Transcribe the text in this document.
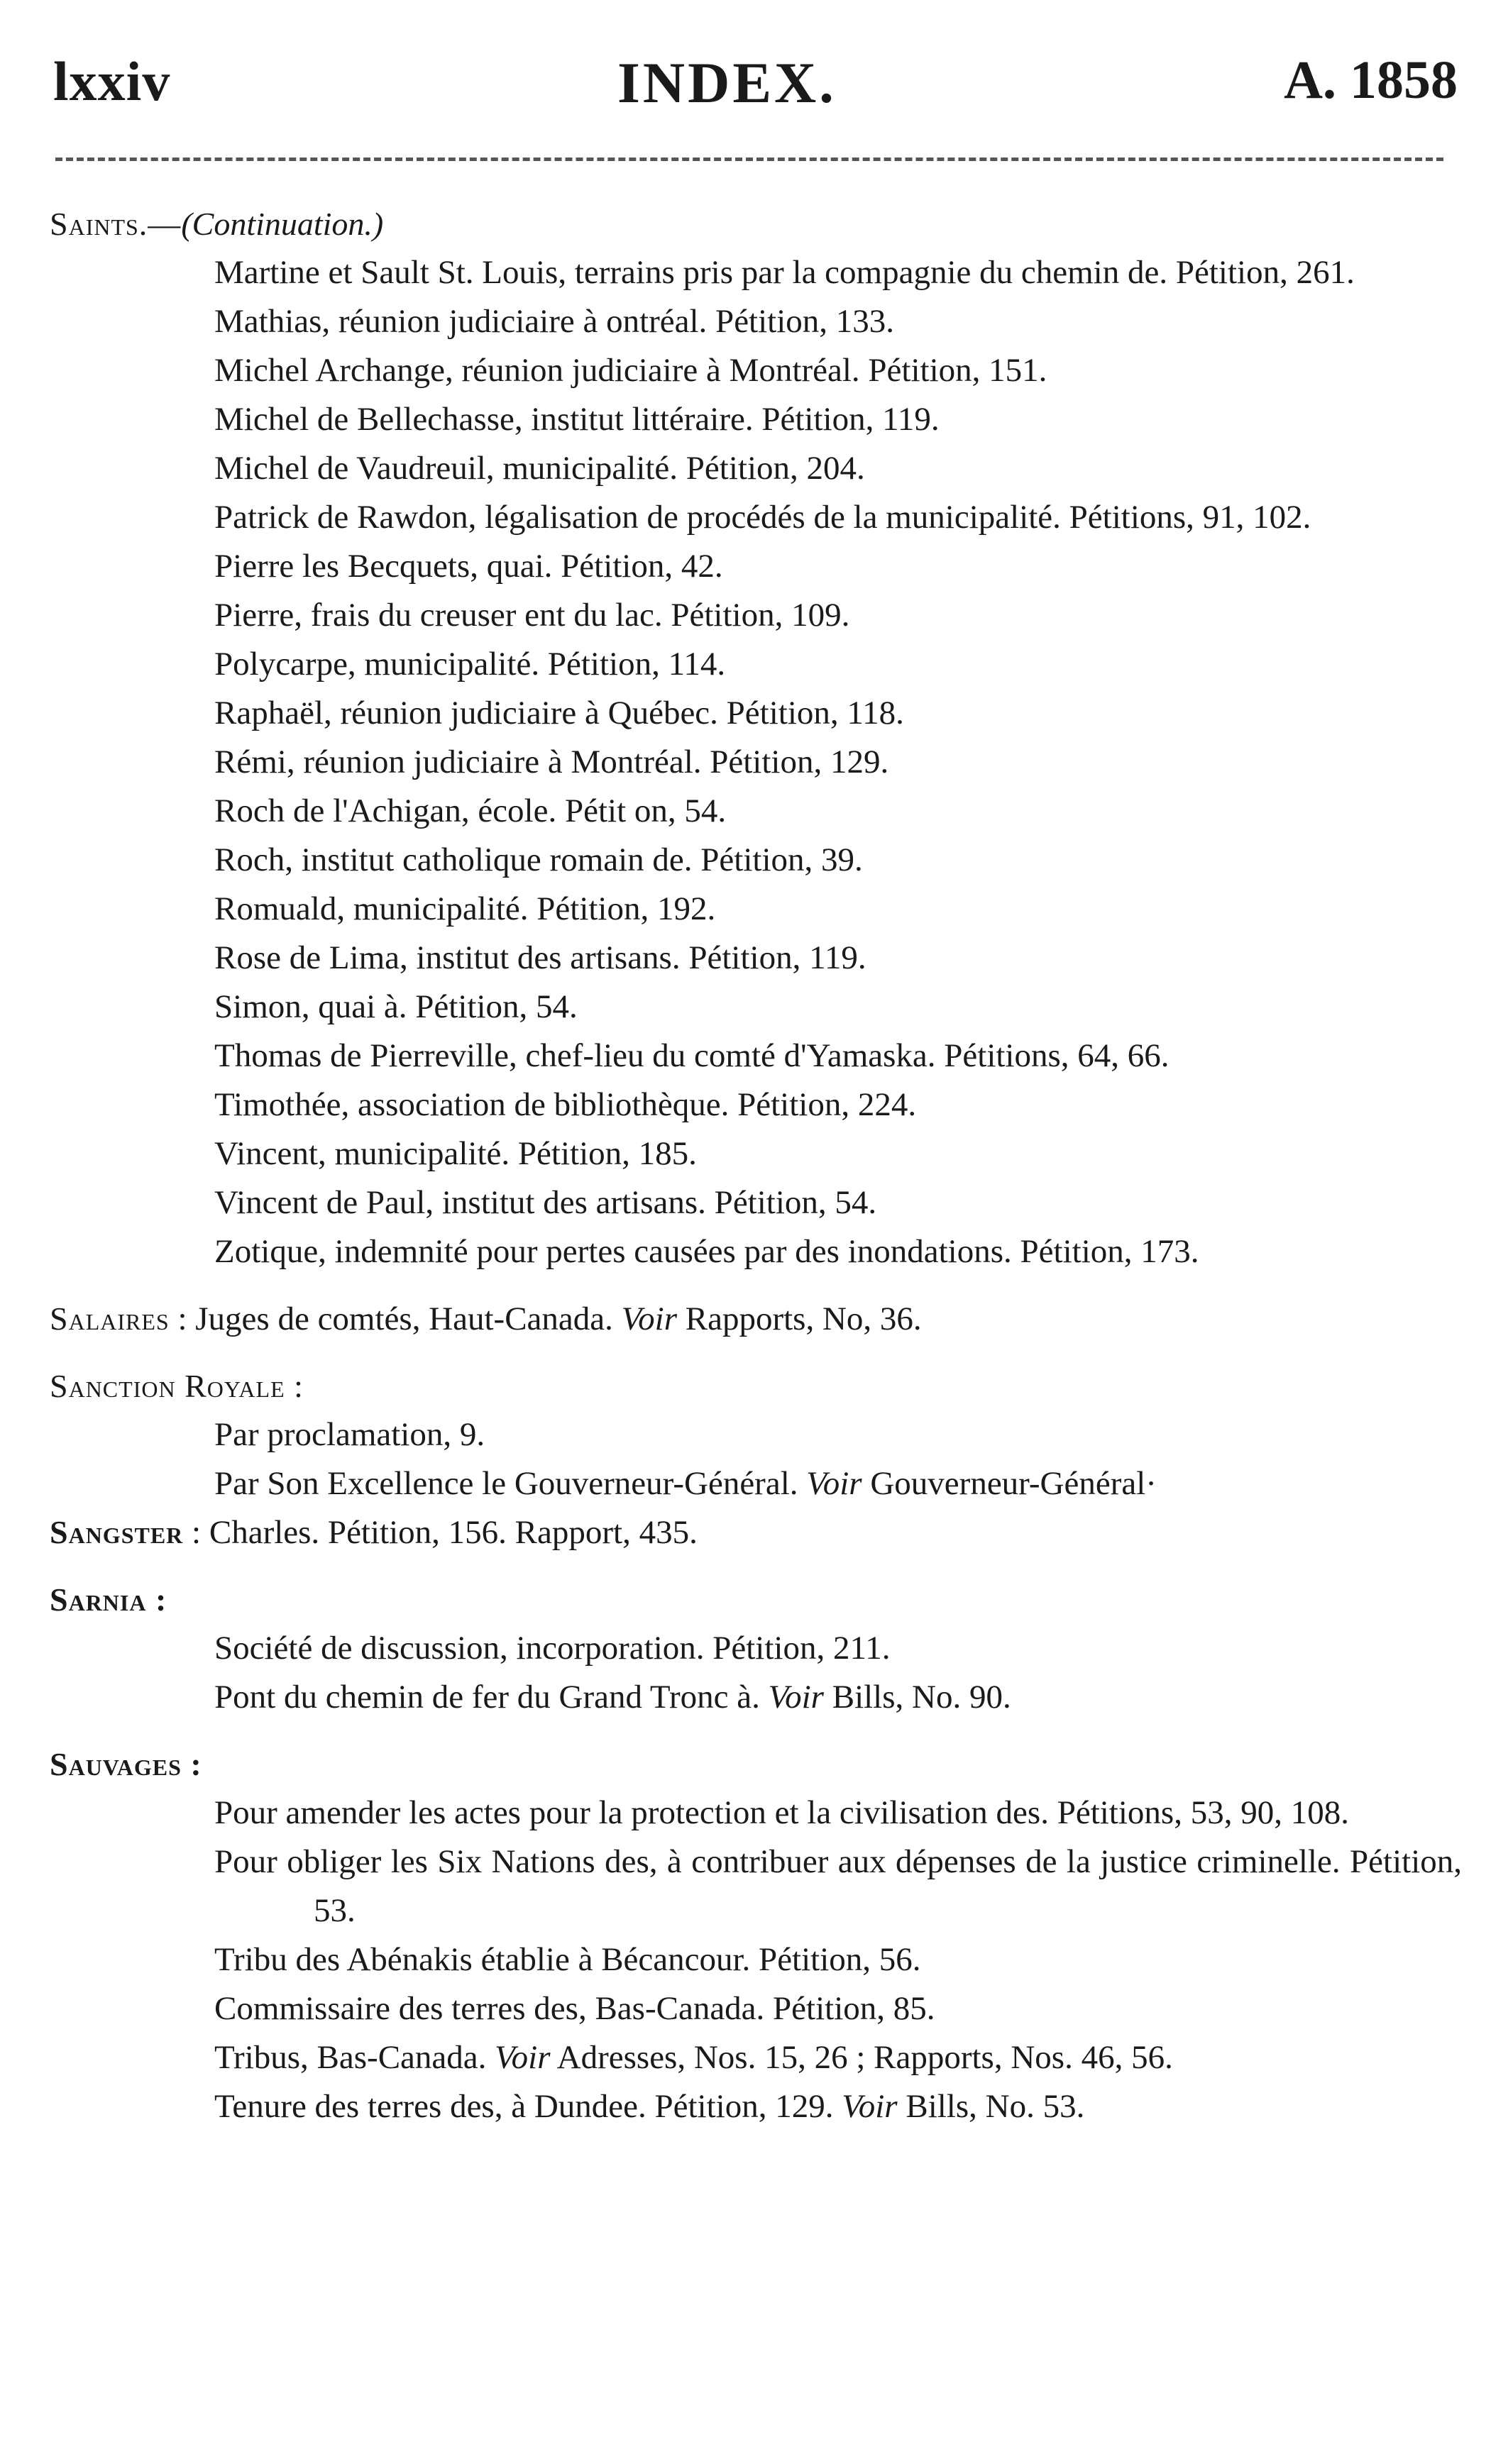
lxxiv	INDEX.	A. 1858
Saints.—(Continuation.)
Martine et Sault St. Louis, terrains pris par la compagnie du chemin de. Pétition, 261.
Mathias, réunion judiciaire à ontréal. Pétition, 133.
Michel Archange, réunion judiciaire à Montréal. Pétition, 151.
Michel de Bellechasse, institut littéraire. Pétition, 119.
Michel de Vaudreuil, municipalité. Pétition, 204.
Patrick de Rawdon, légalisation de procédés de la municipalité. Pétitions, 91, 102.
Pierre les Becquets, quai. Pétition, 42.
Pierre, frais du creuser ent du lac. Pétition, 109.
Polycarpe, municipalité. Pétition, 114.
Raphaël, réunion judiciaire à Québec. Pétition, 118.
Rémi, réunion judiciaire à Montréal. Pétition, 129.
Roch de l'Achigan, école. Pétit on, 54.
Roch, institut catholique romain de. Pétition, 39.
Romuald, municipalité. Pétition, 192.
Rose de Lima, institut des artisans. Pétition, 119.
Simon, quai à. Pétition, 54.
Thomas de Pierreville, chef-lieu du comté d'Yamaska. Pétitions, 64, 66.
Timothée, association de bibliothèque. Pétition, 224.
Vincent, municipalité. Pétition, 185.
Vincent de Paul, institut des artisans. Pétition, 54.
Zotique, indemnité pour pertes causées par des inondations. Pétition, 173.
Salaires : Juges de comtés, Haut-Canada. Voir Rapports, No, 36.
Sanction Royale :
Par proclamation, 9.
Par Son Excellence le Gouverneur-Général. Voir Gouverneur-Général·
Sangster : Charles. Pétition, 156. Rapport, 435.
Sarnia :
Société de discussion, incorporation. Pétition, 211.
Pont du chemin de fer du Grand Tronc à. Voir Bills, No. 90.
Sauvages :
Pour amender les actes pour la protection et la civilisation des. Pétitions, 53, 90, 108.
Pour obliger les Six Nations des, à contribuer aux dépenses de la justice criminelle. Pétition, 53.
Tribu des Abénakis établie à Bécancour. Pétition, 56.
Commissaire des terres des, Bas-Canada. Pétition, 85.
Tribus, Bas-Canada. Voir Adresses, Nos. 15, 26 ; Rapports, Nos. 46, 56.
Tenure des terres des, à Dundee. Pétition, 129. Voir Bills, No. 53.
